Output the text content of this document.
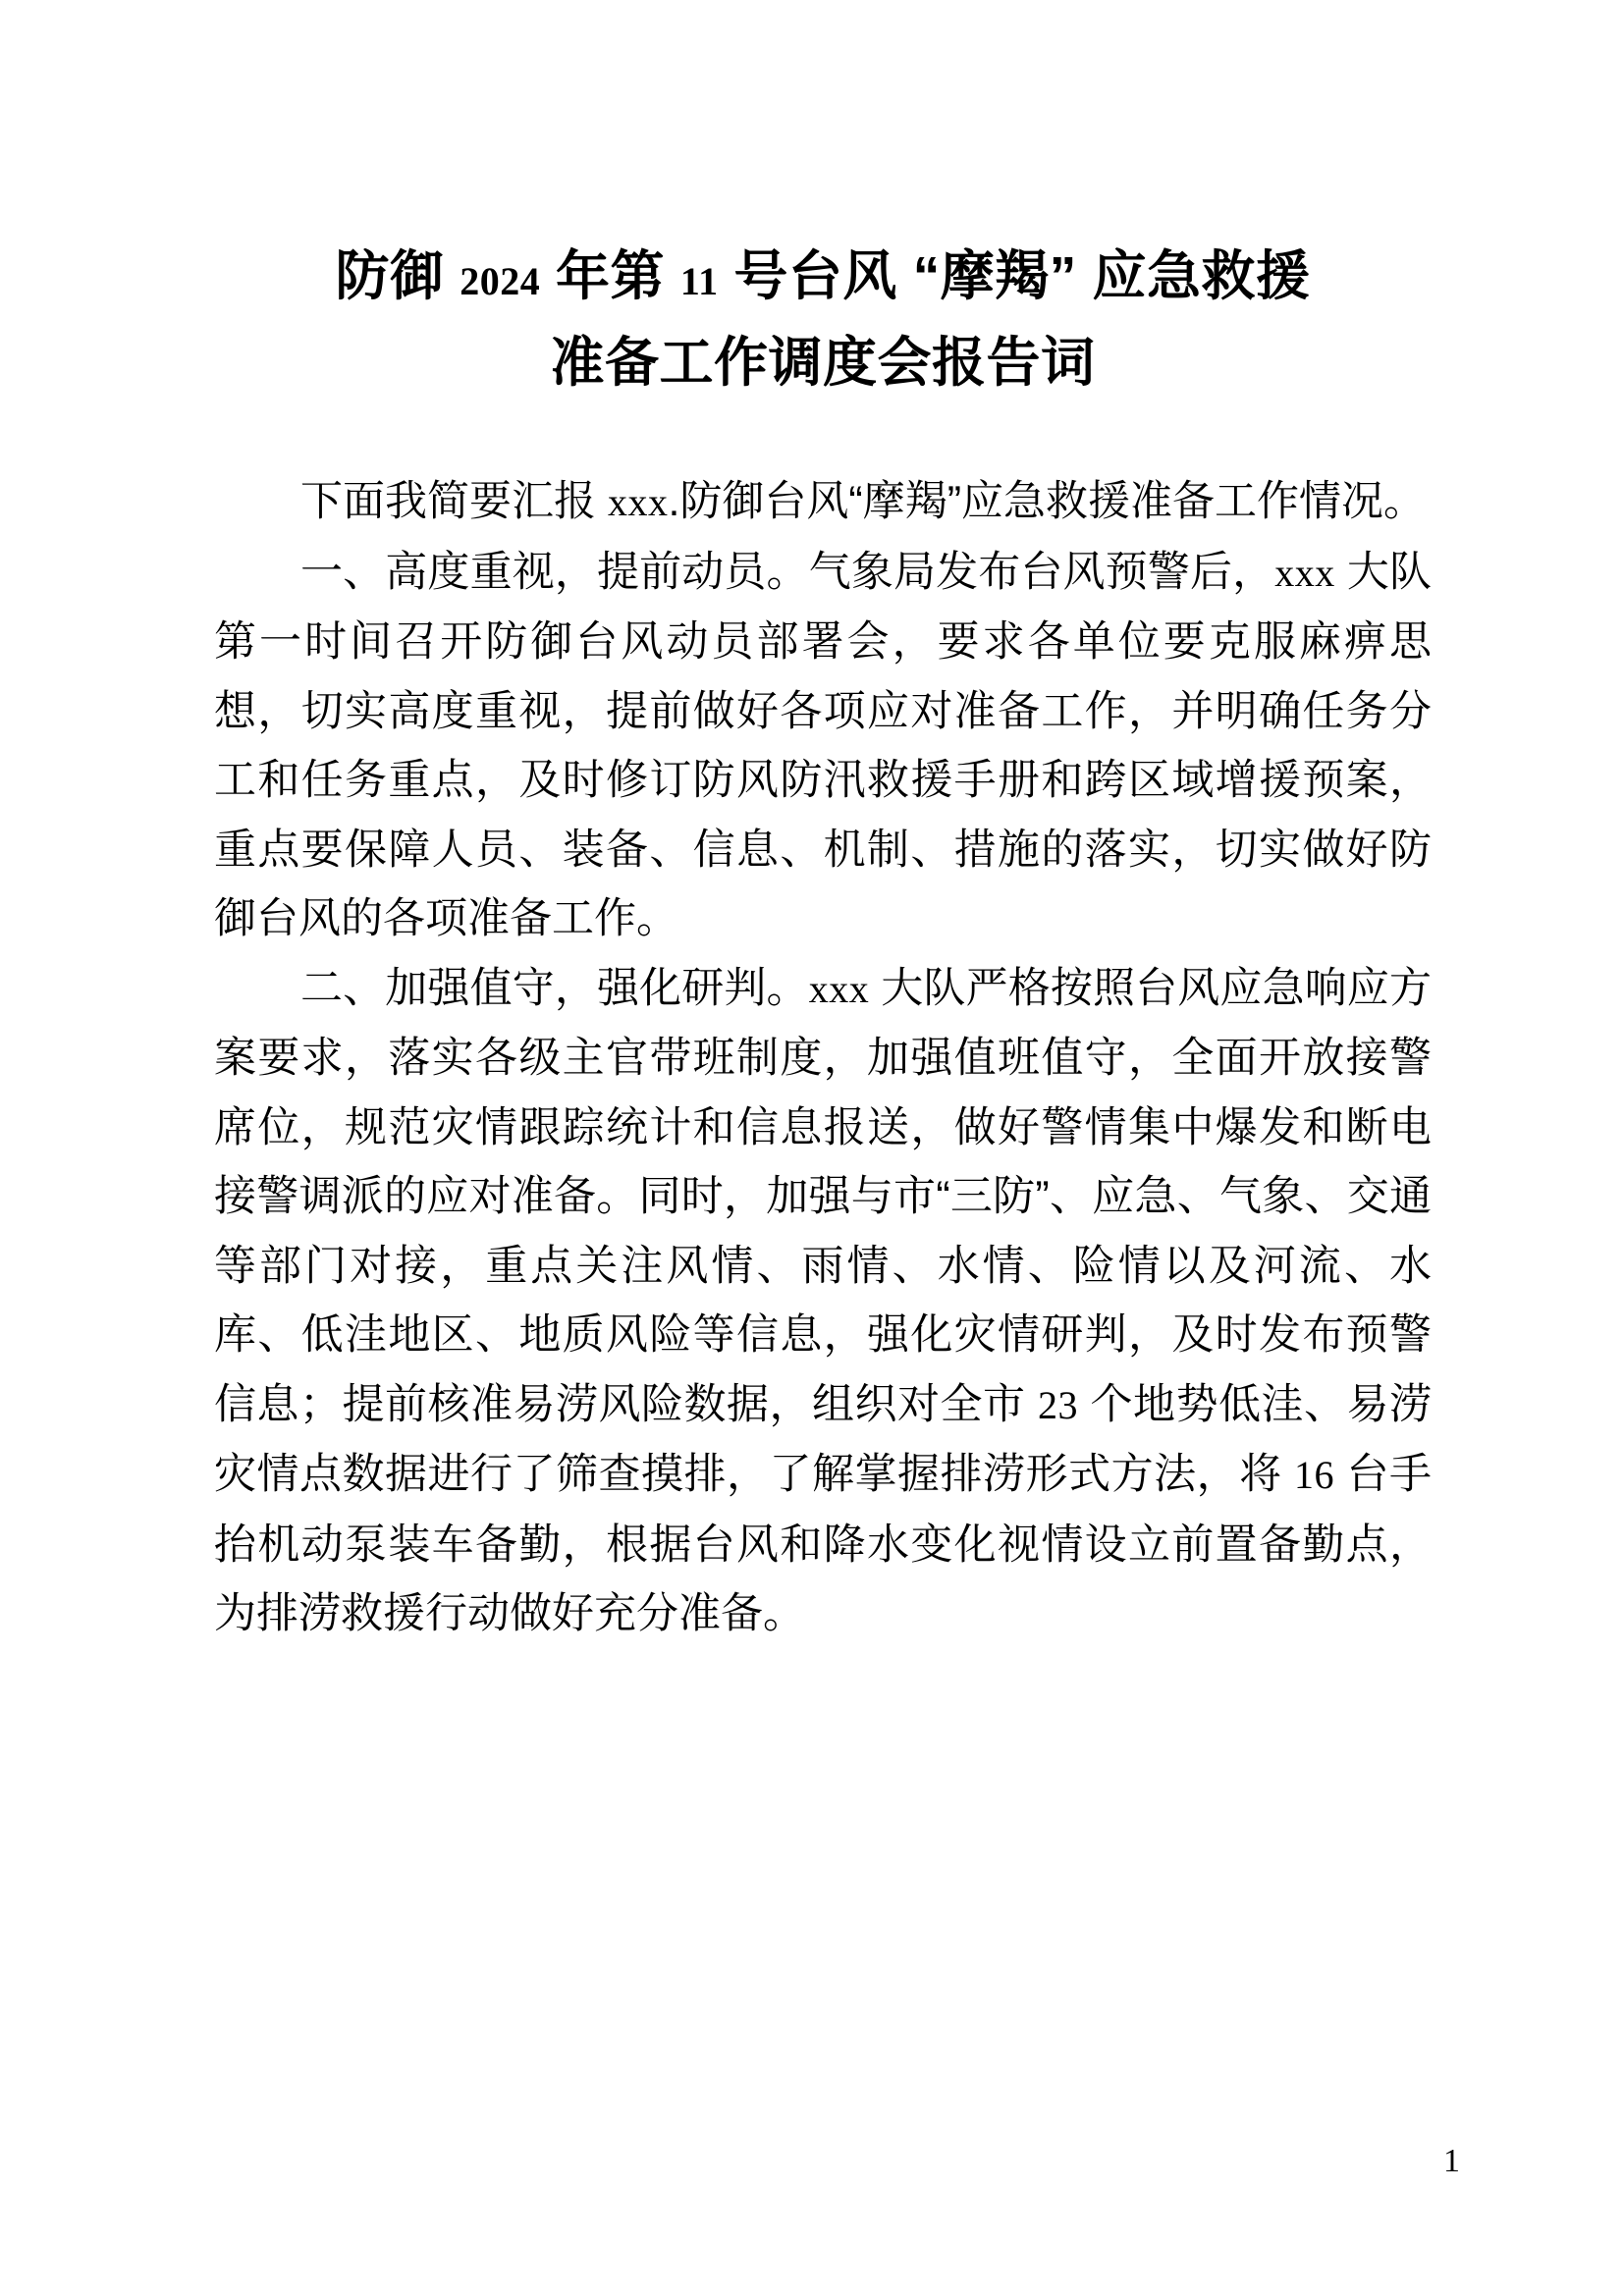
防御 2024 年第 11 号台风 “摩羯” 应急救援
准备工作调度会报告词

下面我简要汇报 xxx.防御台风“摩羯”应急救援准备工作情况。

一、高度重视，提前动员。气象局发布台风预警后，xxx 大队第一时间召开防御台风动员部署会，要求各单位要克服麻痹思想，切实高度重视，提前做好各项应对准备工作，并明确任务分工和任务重点，及时修订防风防汛救援手册和跨区域增援预案，重点要保障人员、装备、信息、机制、措施的落实，切实做好防御台风的各项准备工作。

二、加强值守，强化研判。xxx 大队严格按照台风应急响应方案要求，落实各级主官带班制度，加强值班值守，全面开放接警席位，规范灾情跟踪统计和信息报送，做好警情集中爆发和断电接警调派的应对准备。同时，加强与市“三防”、应急、气象、交通等部门对接，重点关注风情、雨情、水情、险情以及河流、水库、低洼地区、地质风险等信息，强化灾情研判，及时发布预警信息；提前核准易涝风险数据，组织对全市 23 个地势低洼、易涝灾情点数据进行了筛查摸排，了解掌握排涝形式方法，将 16 台手抬机动泵装车备勤，根据台风和降水变化视情设立前置备勤点，为排涝救援行动做好充分准备。

1
